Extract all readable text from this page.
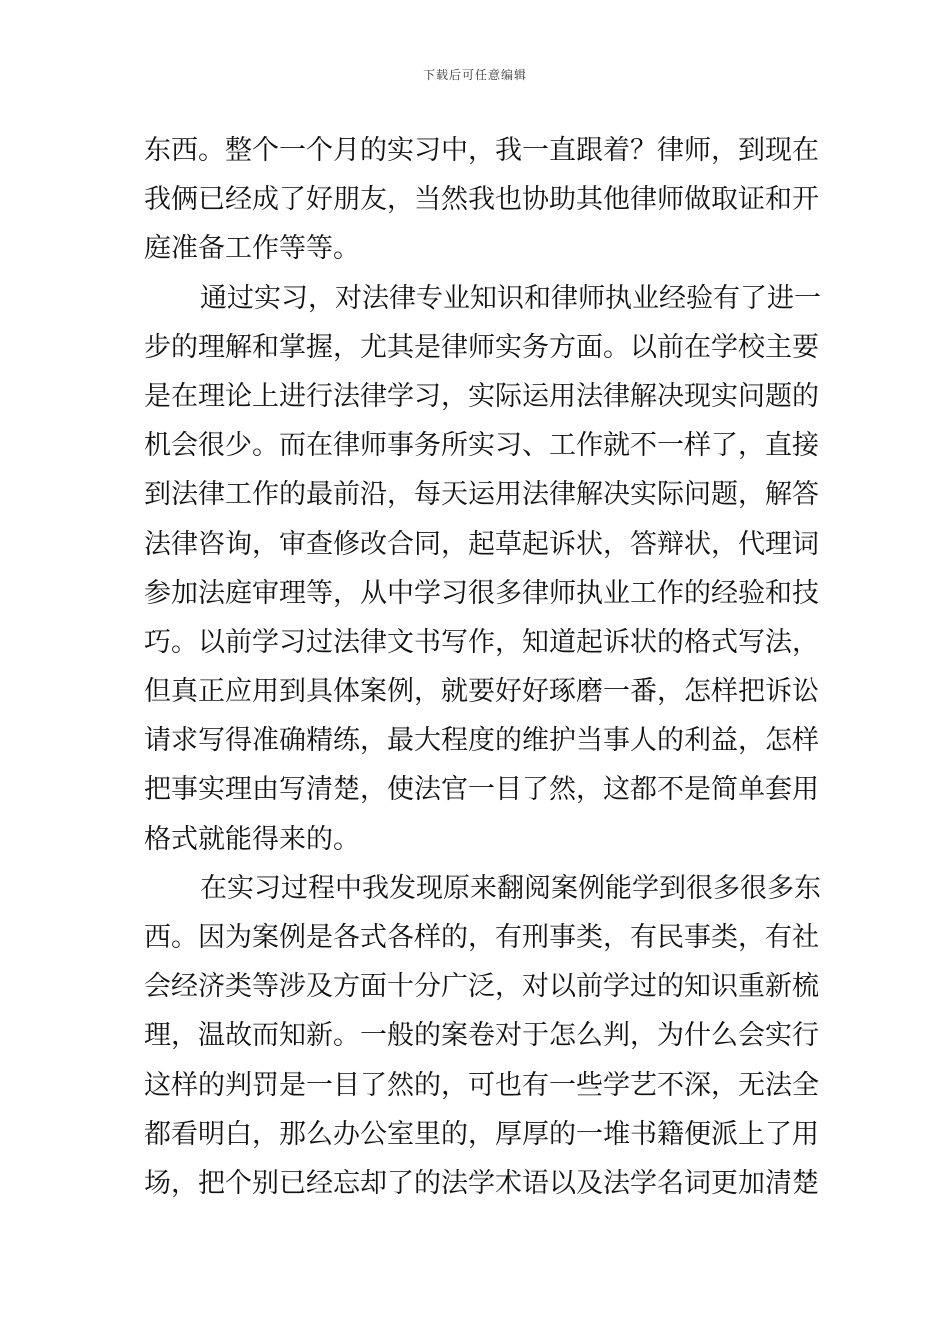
下载后可任意编辑
东西。整个一个月的实习中，我一直跟着？律师，到现在
我俩已经成了好朋友，当然我也协助其他律师做取证和开
庭准备工作等等。
通过实习，对法律专业知识和律师执业经验有了进一
步的理解和掌握，尤其是律师实务方面。以前在学校主要
是在理论上进行法律学习，实际运用法律解决现实问题的
机会很少。而在律师事务所实习、工作就不一样了，直接
到法律工作的最前沿，每天运用法律解决实际问题，解答
法律咨询，审查修改合同，起草起诉状，答辩状，代理词
参加法庭审理等，从中学习很多律师执业工作的经验和技
巧。以前学习过法律文书写作，知道起诉状的格式写法，
但真正应用到具体案例，就要好好琢磨一番，怎样把诉讼
请求写得准确精练，最大程度的维护当事人的利益，怎样
把事实理由写清楚，使法官一目了然，这都不是简单套用
格式就能得来的。
在实习过程中我发现原来翻阅案例能学到很多很多东
西。因为案例是各式各样的，有刑事类，有民事类，有社
会经济类等涉及方面十分广泛，对以前学过的知识重新梳
理，温故而知新。一般的案卷对于怎么判，为什么会实行
这样的判罚是一目了然的，可也有一些学艺不深，无法全
都看明白，那么办公室里的，厚厚的一堆书籍便派上了用
场，把个别已经忘却了的法学术语以及法学名词更加清楚
